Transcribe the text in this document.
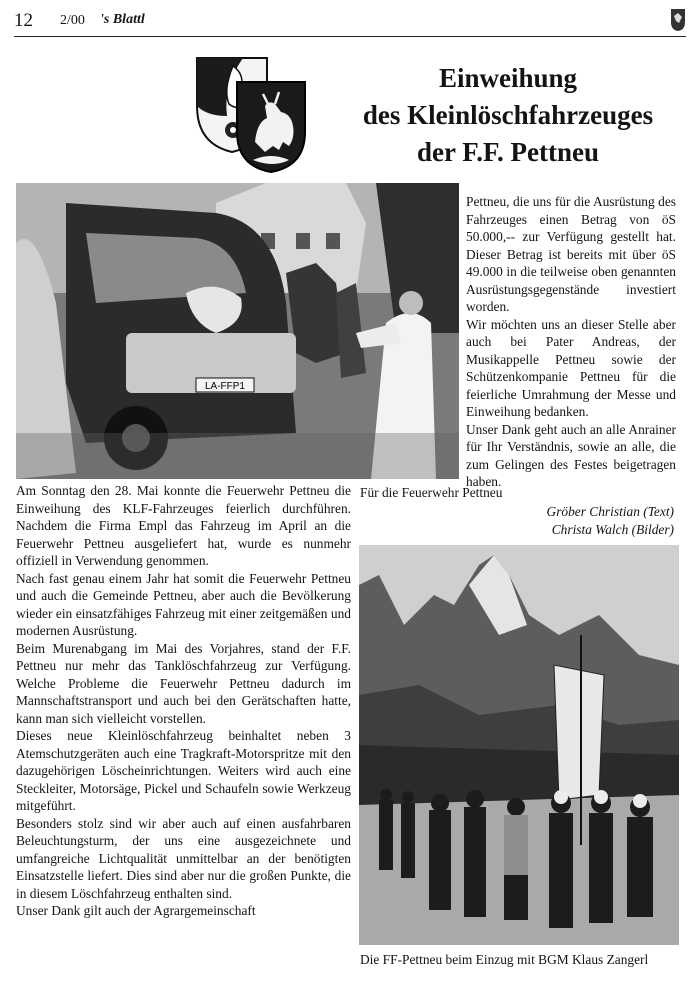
12 2/00 's Blattl
Einweihung
des Kleinlöschfahrzeuges
der F.F. Pettneu
LA-FFP1

Pettneu, die uns für die Ausrüstung des Fahrzeuges einen Betrag von öS 50.000,-- zur Verfügung gestellt hat. Dieser Betrag ist bereits mit über öS 49.000 in die teilweise oben genannten Ausrüstungsgegenstände investiert worden.

Wir möchten uns an dieser Stelle aber auch bei Pater Andreas, der Musikappelle Pettneu sowie der Schützenkompanie Pettneu für die feierliche Umrahmung der Messe und Einweihung bedanken.

Unser Dank geht auch an alle Anrainer für Ihr Verständnis, sowie an alle, die zum Gelingen des Festes beigetragen haben.

Für die Feuerwehr Pettneu
Gröber Christian (Text)
Christa Walch (Bilder)

Am Sonntag den 28. Mai konnte die Feuerwehr Pettneu die Einweihung des KLF-Fahrzeuges feierlich durchführen. Nachdem die Firma Empl das Fahrzeug im April an die Feuerwehr Pettneu ausgeliefert hat, wurde es nunmehr offiziell in Verwendung genommen.

Nach fast genau einem Jahr hat somit die Feuerwehr Pettneu und auch die Gemeinde Pettneu, aber auch die Bevölkerung wieder ein einsatzfähiges Fahrzeug mit einer zeitgemäßen und modernen Ausrüstung.

Beim Murenabgang im Mai des Vorjahres, stand der F.F. Pettneu nur mehr das Tanklöschfahrzeug zur Verfügung. Welche Probleme die Feuerwehr Pettneu dadurch im Mannschaftstransport und auch bei den Gerätschaften hatte, kann man sich vielleicht vorstellen.

Dieses neue Kleinlöschfahrzeug beinhaltet neben 3 Atemschutzgeräten auch eine Tragkraft-Motorspritze mit den dazugehörigen Löscheinrichtungen. Weiters wird auch eine Steckleiter, Motorsäge, Pickel und Schaufeln sowie Werkzeug mitgeführt.

Besonders stolz sind wir aber auch auf einen ausfahrbaren Beleuchtungsturm, der uns eine ausgezeichnete und umfangreiche Lichtqualität unmittelbar an der benötigten Einsatzstelle liefert. Dies sind aber nur die großen Punkte, die in diesem Löschfahrzeug enthalten sind.

Unser Dank gilt auch der Agrargemeinschaft

Die FF-Pettneu beim Einzug mit BGM Klaus Zangerl
